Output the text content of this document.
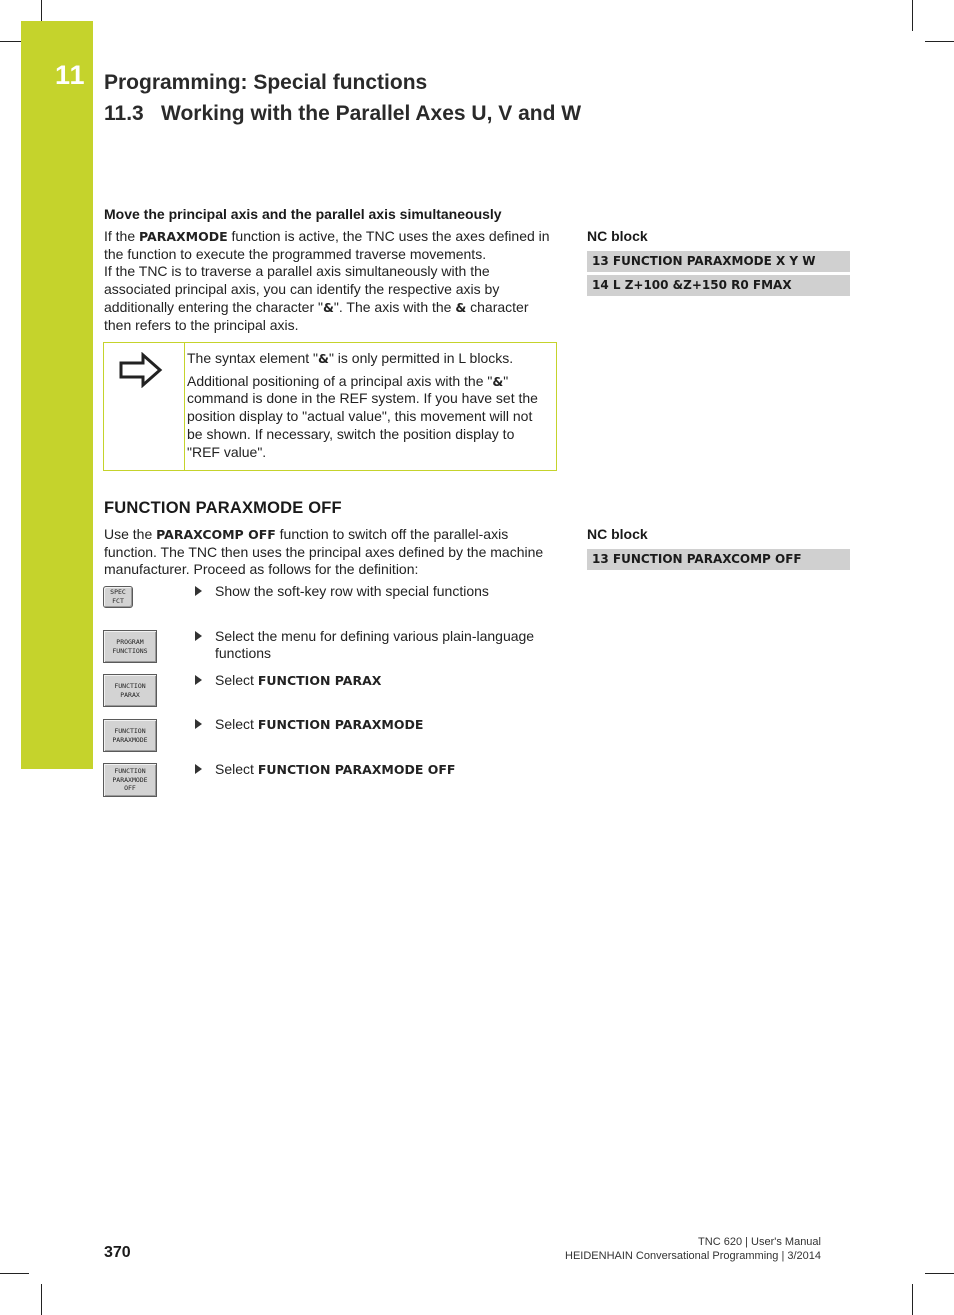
11 Programming: Special functions
11.3 Working with the Parallel Axes U, V and W
Move the principal axis and the parallel axis simultaneously
If the PARAXMODE function is active, the TNC uses the axes defined in the function to execute the programmed traverse movements.
If the TNC is to traverse a parallel axis simultaneously with the associated principal axis, you can identify the respective axis by additionally entering the character "&". The axis with the & character then refers to the principal axis.

The syntax element "&" is only permitted in L blocks.

Additional positioning of a principal axis with the "&" command is done in the REF system. If you have set the position display to "actual value", this movement will not be shown. If necessary, switch the position display to "REF value".

NC block
13 FUNCTION PARAXMODE X Y W
14 L Z+100 &Z+150 R0 FMAX
FUNCTION PARAXMODE OFF
Use the PARAXCOMP OFF function to switch off the parallel-axis function. The TNC then uses the principal axes defined by the machine manufacturer. Proceed as follows for the definition:
NC block
13 FUNCTION PARAXCOMP OFF
SPEC
FCT
PROGRAM
FUNCTIONS
FUNCTION
PARAX
FUNCTION
PARAXMODE
FUNCTION
PARAXMODE
OFF
Show the soft-key row with special functions
Select the menu for defining various plain-language functions
Select FUNCTION PARAX
Select FUNCTION PARAXMODE
Select FUNCTION PARAXMODE OFF
370
TNC 620 | User's Manual
HEIDENHAIN Conversational Programming | 3/2014
